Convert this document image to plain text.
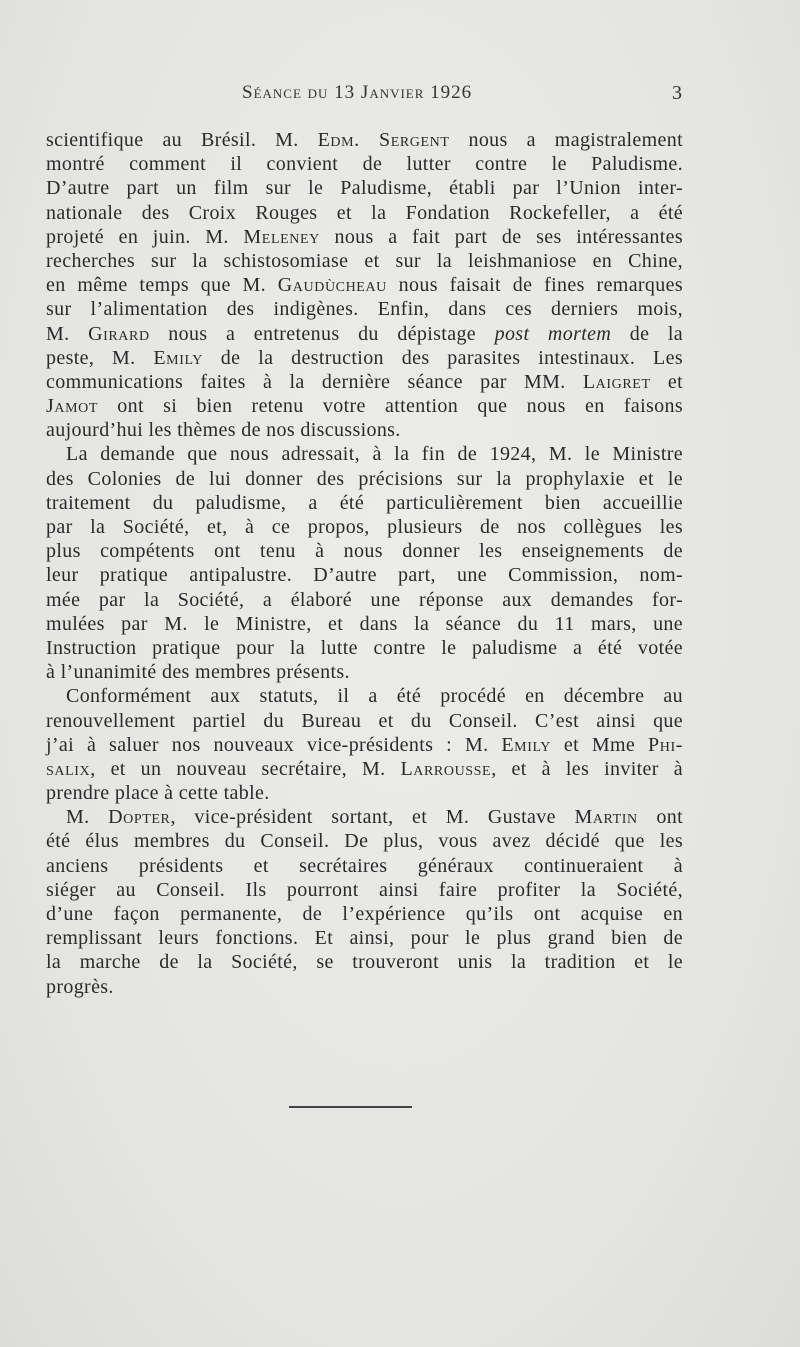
Séance du 13 Janvier 1926	3
scientifique au Brésil. M. Edm. Sergent nous a magistralement
montré comment il convient de lutter contre le Paludisme.
D’autre part un film sur le Paludisme, établi par l’Union inter-
nationale des Croix Rouges et la Fondation Rockefeller, a été
projeté en juin. M. Meleney nous a fait part de ses intéressantes
recherches sur la schistosomiase et sur la leishmaniose en Chine,
en même temps que M. Gaudùcheau nous faisait de fines remarques
sur l’alimentation des indigènes. Enfin, dans ces derniers mois,
M. Girard nous a entretenus du dépistage post mortem de la
peste, M. Emily de la destruction des parasites intestinaux. Les
communications faites à la dernière séance par MM. Laigret et
Jamot ont si bien retenu votre attention que nous en faisons
aujourd’hui les thèmes de nos discussions.
La demande que nous adressait, à la fin de 1924, M. le Ministre
des Colonies de lui donner des précisions sur la prophylaxie et le
traitement du paludisme, a été particulièrement bien accueillie
par la Société, et, à ce propos, plusieurs de nos collègues les
plus compétents ont tenu à nous donner les enseignements de
leur pratique antipalustre. D’autre part, une Commission, nom-
mée par la Société, a élaboré une réponse aux demandes for-
mulées par M. le Ministre, et dans la séance du 11 mars, une
Instruction pratique pour la lutte contre le paludisme a été votée
à l’unanimité des membres présents.
Conformément aux statuts, il a été procédé en décembre au
renouvellement partiel du Bureau et du Conseil. C’est ainsi que
j’ai à saluer nos nouveaux vice-présidents : M. Emily et Mme Phi-
salix, et un nouveau secrétaire, M. Larrousse, et à les inviter à
prendre place à cette table.
M. Dopter, vice-président sortant, et M. Gustave Martin ont
été élus membres du Conseil. De plus, vous avez décidé que les
anciens présidents et secrétaires généraux continueraient à
siéger au Conseil. Ils pourront ainsi faire profiter la Société,
d’une façon permanente, de l’expérience qu’ils ont acquise en
remplissant leurs fonctions. Et ainsi, pour le plus grand bien de
la marche de la Société, se trouveront unis la tradition et le
progrès.
